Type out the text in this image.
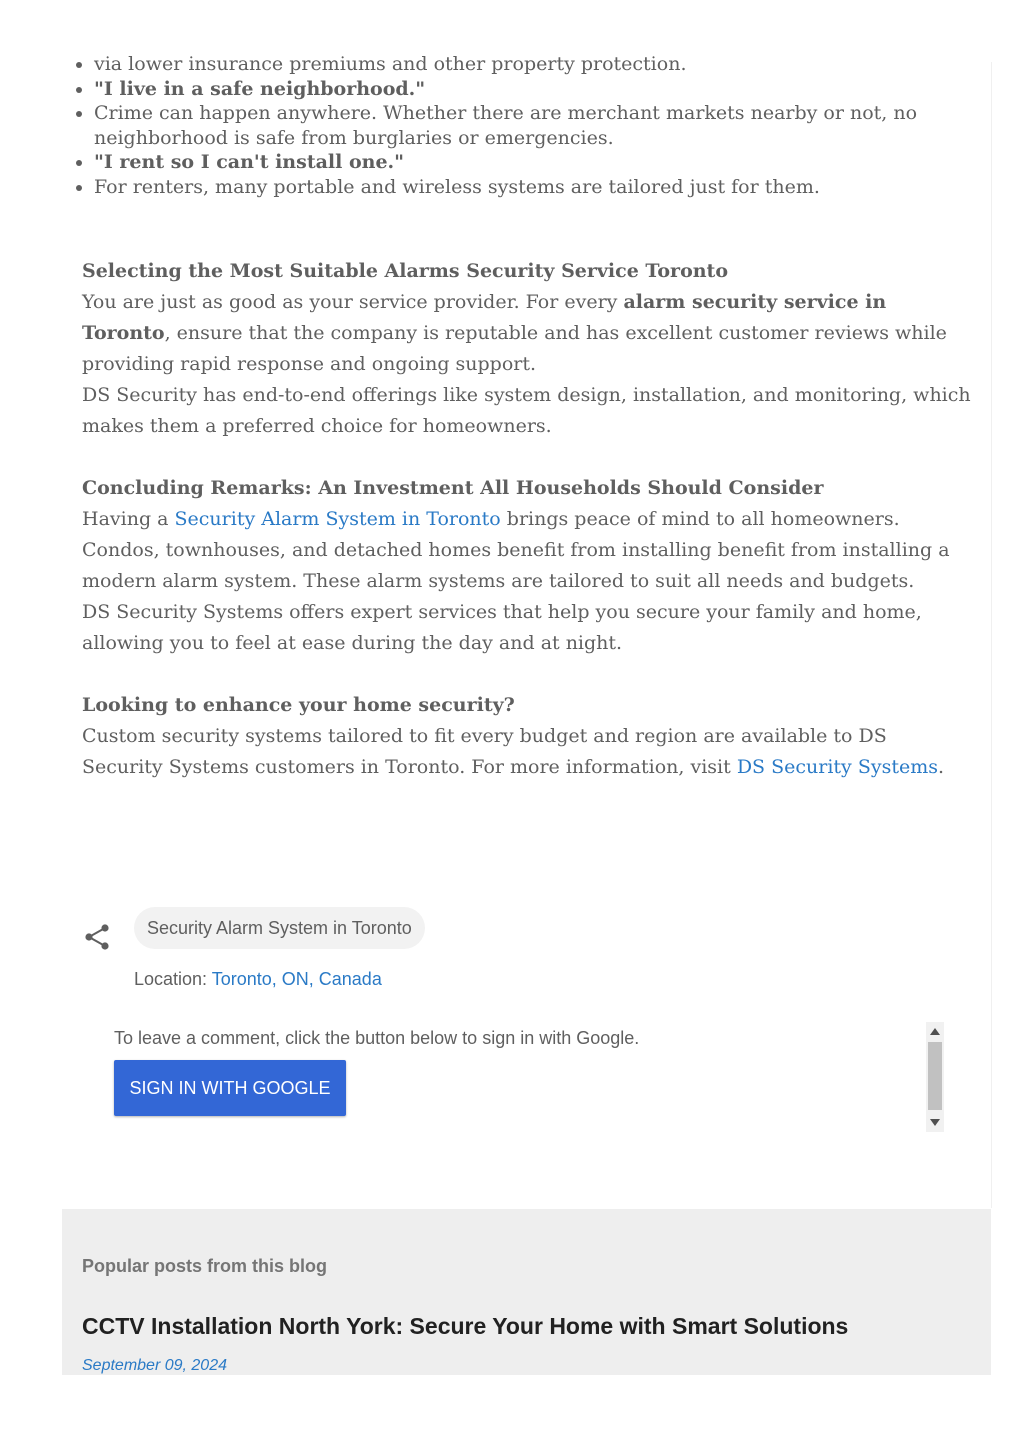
• via lower insurance premiums and other property protection.
• "I live in a safe neighborhood."
• Crime can happen anywhere. Whether there are merchant markets nearby or not, no neighborhood is safe from burglaries or emergencies.
• "I rent so I can't install one."
• For renters, many portable and wireless systems are tailored just for them.
Selecting the Most Suitable Alarms Security Service Toronto

You are just as good as your service provider. For every alarm security service in Toronto, ensure that the company is reputable and has excellent customer reviews while providing rapid response and ongoing support.

DS Security has end-to-end offerings like system design, installation, and monitoring, which makes them a preferred choice for homeowners.

Concluding Remarks: An Investment All Households Should Consider

Having a Security Alarm System in Toronto brings peace of mind to all homeowners. Condos, townhouses, and detached homes benefit from installing benefit from installing a modern alarm system. These alarm systems are tailored to suit all needs and budgets.

DS Security Systems offers expert services that help you secure your family and home, allowing you to feel at ease during the day and at night.

Looking to enhance your home security?

Custom security systems tailored to fit every budget and region are available to DS Security Systems customers in Toronto. For more information, visit DS Security Systems.

Security Alarm System in Toronto
Location: Toronto, ON, Canada
To leave a comment, click the button below to sign in with Google.
SIGN IN WITH GOOGLE
Popular posts from this blog
CCTV Installation North York: Secure Your Home with Smart Solutions
September 09, 2024
